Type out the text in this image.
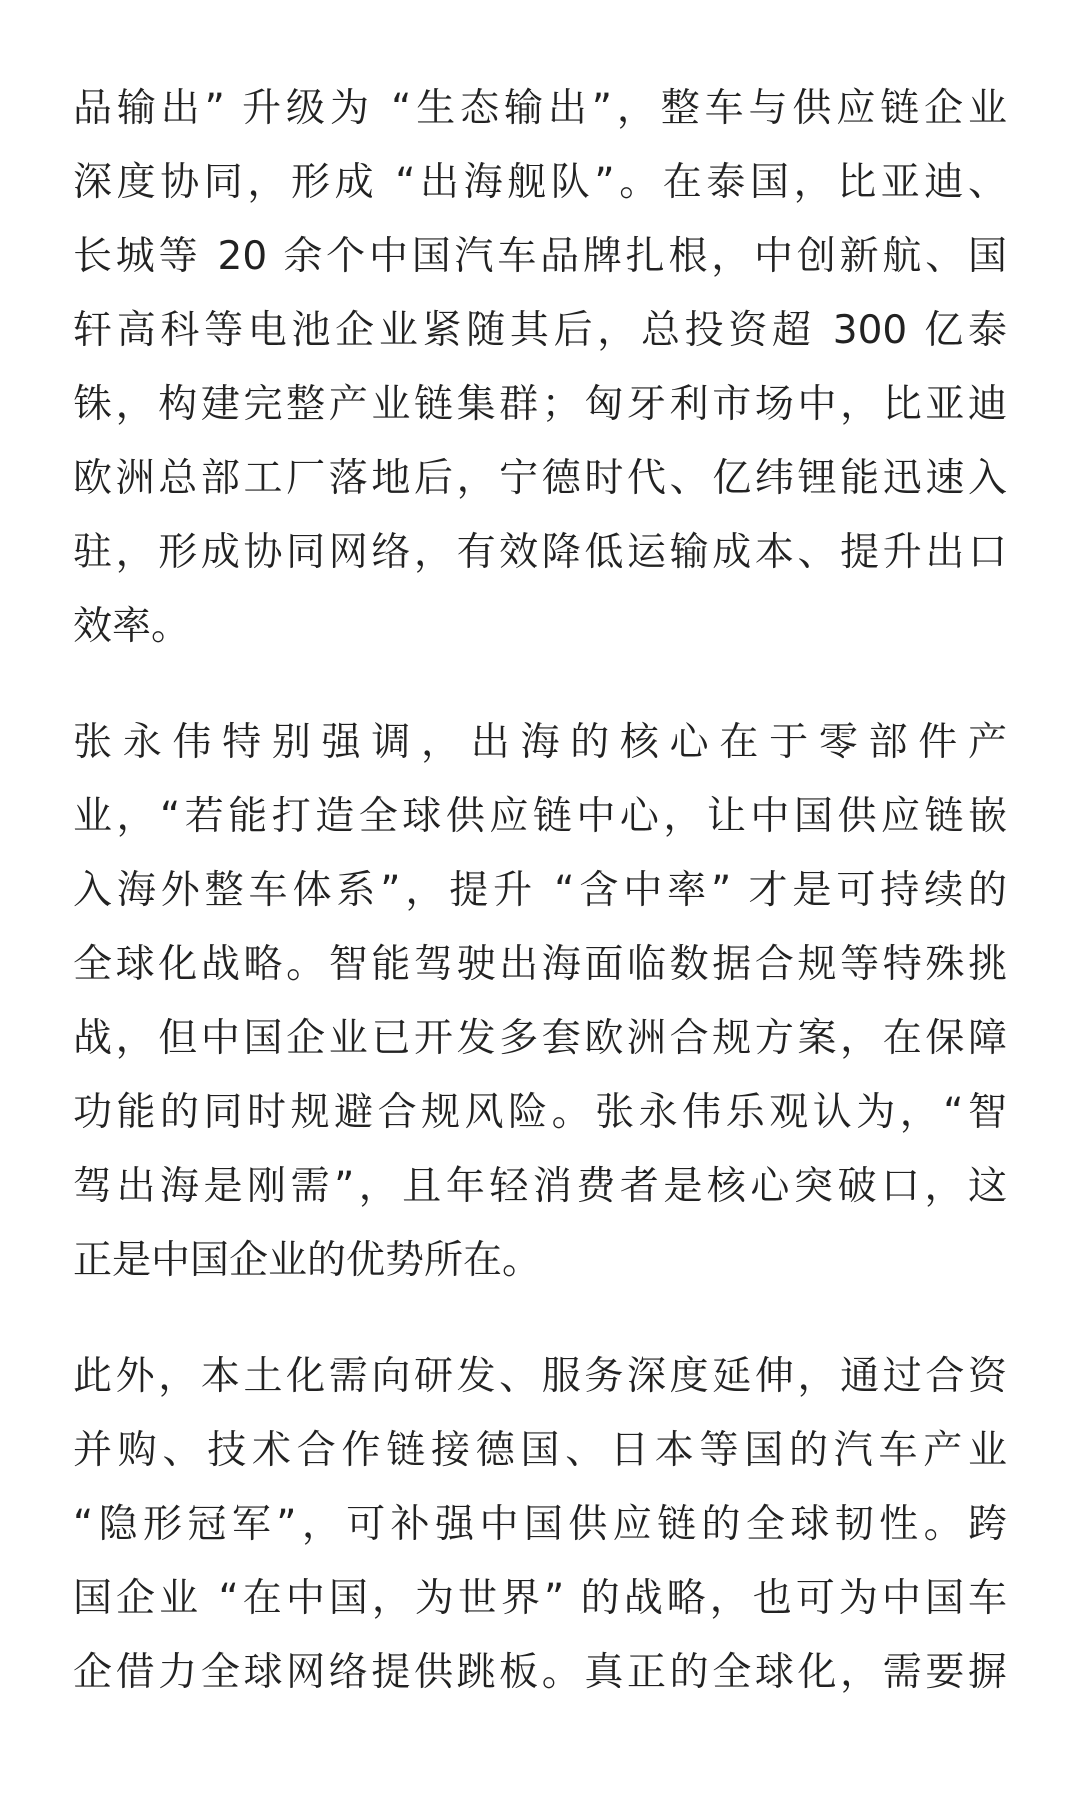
品输出” 升级为 “生态输出”，整车与供应链企业
深度协同，形成 “出海舰队”。在泰国，比亚迪、
长城等 20 余个中国汽车品牌扎根，中创新航、国
轩高科等电池企业紧随其后，总投资超 300 亿泰
铢，构建完整产业链集群；匈牙利市场中，比亚迪
欧洲总部工厂落地后，宁德时代、亿纬锂能迅速入
驻，形成协同网络，有效降低运输成本、提升出口
效率。

张永伟特别强调，出海的核心在于零部件产
业，“若能打造全球供应链中心，让中国供应链嵌
入海外整车体系”，提升 “含中率” 才是可持续的
全球化战略。智能驾驶出海面临数据合规等特殊挑
战，但中国企业已开发多套欧洲合规方案，在保障
功能的同时规避合规风险。张永伟乐观认为，“智
驾出海是刚需”，且年轻消费者是核心突破口，这
正是中国企业的优势所在。

此外，本土化需向研发、服务深度延伸，通过合资
并购、技术合作链接德国、日本等国的汽车产业
“隐形冠军”，可补强中国供应链的全球韧性。跨
国企业 “在中国，为世界” 的战略，也可为中国车
企借力全球网络提供跳板。真正的全球化，需要摒
